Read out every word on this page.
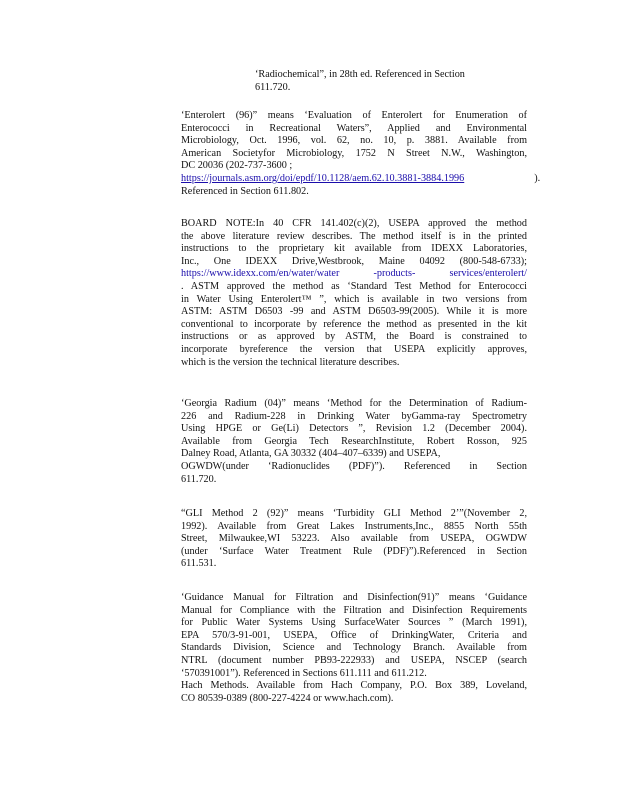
‘Radiochemical”, in 28th ed. Referenced in Section
611.720.
‘Enterolert (96)” means ‘Evaluation of Enterolert for Enumeration of
Enterococci in Recreational Waters”, Applied and Environmental
Microbiology, Oct. 1996, vol. 62, no. 10, p. 3881. Available from
American Societyfor Microbiology, 1752 N Street N.W., Washington,
DC 20036 (202-737-3600 ;
https://journals.asm.org/doi/epdf/10.1128/aem.62.10.3881-3884.1996	).
Referenced in Section 611.802.
BOARD NOTE:In 40 CFR 141.402(c)(2), USEPA approved the method
the above literature review describes. The method itself is in the printed
instructions to the proprietary kit available from IDEXX Laboratories,
Inc., One IDEXX Drive,Westbrook, Maine 04092 (800-548-6733);
https://www.idexx.com/en/water/water -products- services/enterolert/
. ASTM approved the method as ‘Standard Test Method for Enterococci
in Water Using Enterolert™ ”, which is available in two versions from
ASTM: ASTM D6503 -99 and ASTM D6503-99(2005). While it is more
conventional to incorporate by reference the method as presented in the kit
instructions or as approved by ASTM, the Board is constrained to
incorporate byreference the version that USEPA explicitly approves,
which is the version the technical literature describes.
‘Georgia Radium (04)” means ‘Method for the Determination of Radium-
226 and Radium-228 in Drinking Water byGamma-ray Spectrometry
Using HPGE or Ge(Li) Detectors ”, Revision 1.2 (December 2004).
Available from Georgia Tech ResearchInstitute, Robert Rosson, 925
Dalney Road, Atlanta, GA 30332 (404–407–6339) and USEPA,
OGWDW(under ‘Radionuclides (PDF)”). Referenced in Section
611.720.
“GLI Method 2 (92)” means ‘Turbidity GLI Method 2’”(November 2,
1992). Available from Great Lakes Instruments,Inc., 8855 North 55th
Street, Milwaukee,WI 53223. Also available from USEPA, OGWDW
(under ‘Surface Water Treatment Rule (PDF)”).Referenced in Section
611.531.
‘Guidance Manual for Filtration and Disinfection(91)” means ‘Guidance
Manual for Compliance with the Filtration and Disinfection Requirements
for Public Water Systems Using SurfaceWater Sources ” (March 1991),
EPA 570/3-91-001, USEPA, Office of DrinkingWater, Criteria and
Standards Division, Science and Technology Branch. Available from
NTRL (document number PB93-222933) and USEPA, NSCEP (search
‘570391001”). Referenced in Sections 611.111 and 611.212.
Hach Methods. Available from Hach Company, P.O. Box 389, Loveland,
CO 80539-0389 (800-227-4224 or www.hach.com).
